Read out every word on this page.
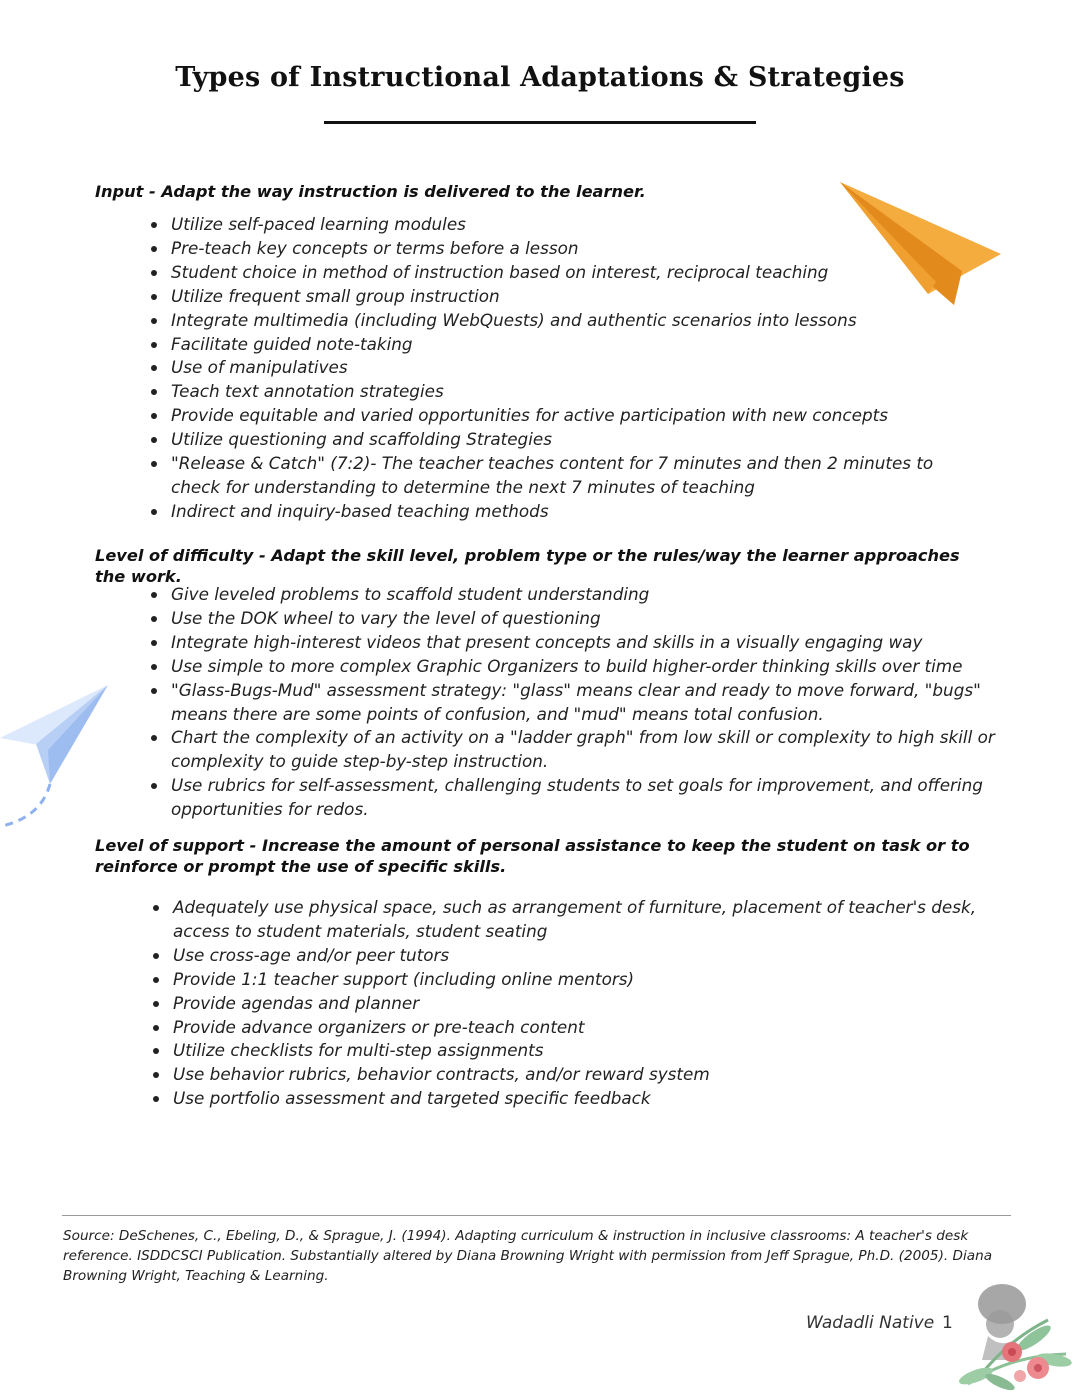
Types of Instructional Adaptations & Strategies
Input - Adapt the way instruction is delivered to the learner.
Utilize self-paced learning modules
Pre-teach key concepts or terms before a lesson
Student choice in method of instruction based on interest, reciprocal teaching
Utilize frequent small group instruction
Integrate multimedia (including WebQuests) and authentic scenarios into lessons
Facilitate guided note-taking
Use of manipulatives
Teach text annotation strategies
Provide equitable and varied opportunities for active participation with new concepts
Utilize questioning and scaffolding Strategies
"Release & Catch" (7:2)- The teacher teaches content for 7 minutes and then 2 minutes to check for understanding to determine the next 7 minutes of teaching
Indirect and inquiry-based teaching methods
Level of difficulty - Adapt the skill level, problem type or the rules/way the learner approaches the work.
Give leveled problems to scaffold student understanding
Use the DOK wheel to vary the level of questioning
Integrate high-interest videos that present concepts and skills in a visually engaging way
Use simple to more complex Graphic Organizers to build higher-order thinking skills over time
"Glass-Bugs-Mud" assessment strategy: "glass" means clear and ready to move forward, "bugs" means there are some points of confusion, and "mud" means total confusion.
Chart the complexity of an activity on a "ladder graph" from low skill or complexity to high skill or complexity to guide step-by-step instruction.
Use rubrics for self-assessment, challenging students to set goals for improvement, and offering opportunities for redos.
Level of support - Increase the amount of personal assistance to keep the student on task or to reinforce or prompt the use of specific skills.
Adequately use physical space, such as arrangement of furniture, placement of teacher's desk, access to student materials, student seating
Use cross-age and/or peer tutors
Provide 1:1 teacher support (including online mentors)
Provide agendas and planner
Provide advance organizers or pre-teach content
Utilize checklists for multi-step assignments
Use behavior rubrics, behavior contracts, and/or reward system
Use portfolio assessment and targeted specific feedback
Source: DeSchenes, C., Ebeling, D., & Sprague, J. (1994). Adapting curriculum & instruction in inclusive classrooms: A teacher's desk reference. ISDDCSCI Publication. Substantially altered by Diana Browning Wright with permission from Jeff Sprague, Ph.D. (2005). Diana Browning Wright, Teaching & Learning.
Wadadli Native 1
